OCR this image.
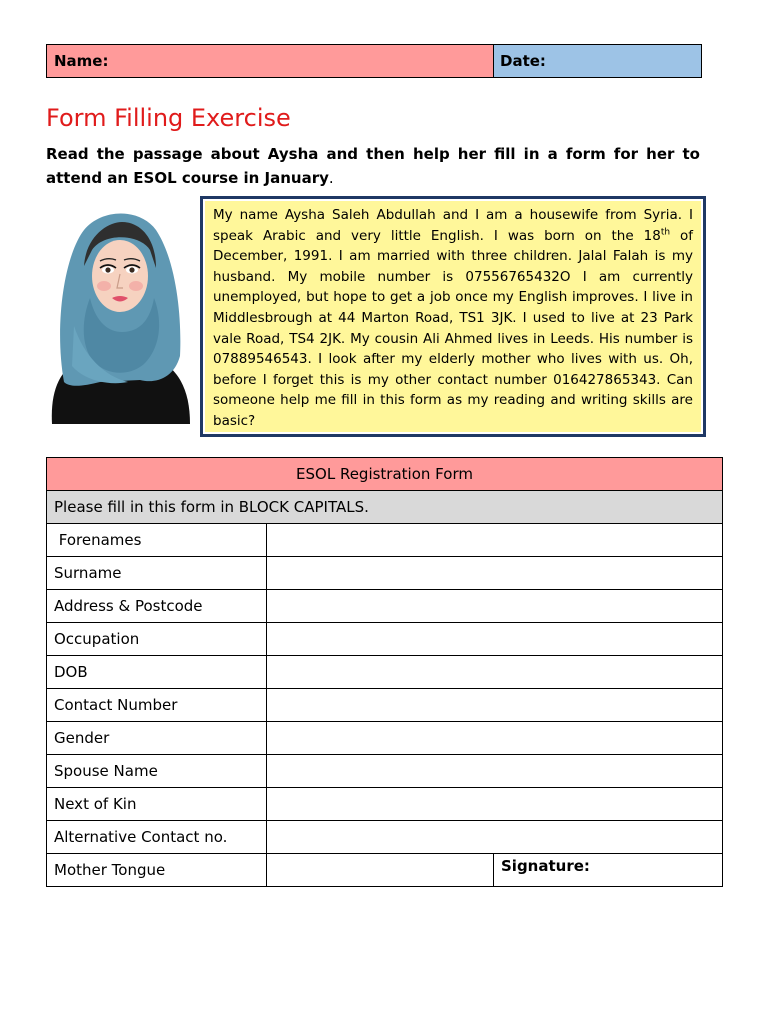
Name:	Date:
Form Filling Exercise

Read the passage about Aysha and then help her fill in a form for her to attend an ESOL course in January.

My name Aysha Saleh Abdullah and I am a housewife from Syria. I speak Arabic and very little English. I was born on the 18th of December, 1991. I am married with three children. Jalal Falah is my husband. My mobile number is 07556765432O I am currently unemployed, but hope to get a job once my English improves. I live in Middlesbrough at 44 Marton Road, TS1 3JK. I used to live at 23 Park vale Road, TS4 2JK. My cousin Ali Ahmed lives in Leeds. His number is 07889546543. I look after my elderly mother who lives with us. Oh, before I forget this is my other contact number 016427865343. Can someone help me fill in this form as my reading and writing skills are basic?
ESOL Registration Form		
Please fill in this form in BLOCK CAPITALS.		
Forenames		
Surname		
Address & Postcode		
Occupation		
DOB		
Contact Number		
Gender		
Spouse Name		
Next of Kin		
Alternative Contact no.		
Mother Tongue		Signature:
